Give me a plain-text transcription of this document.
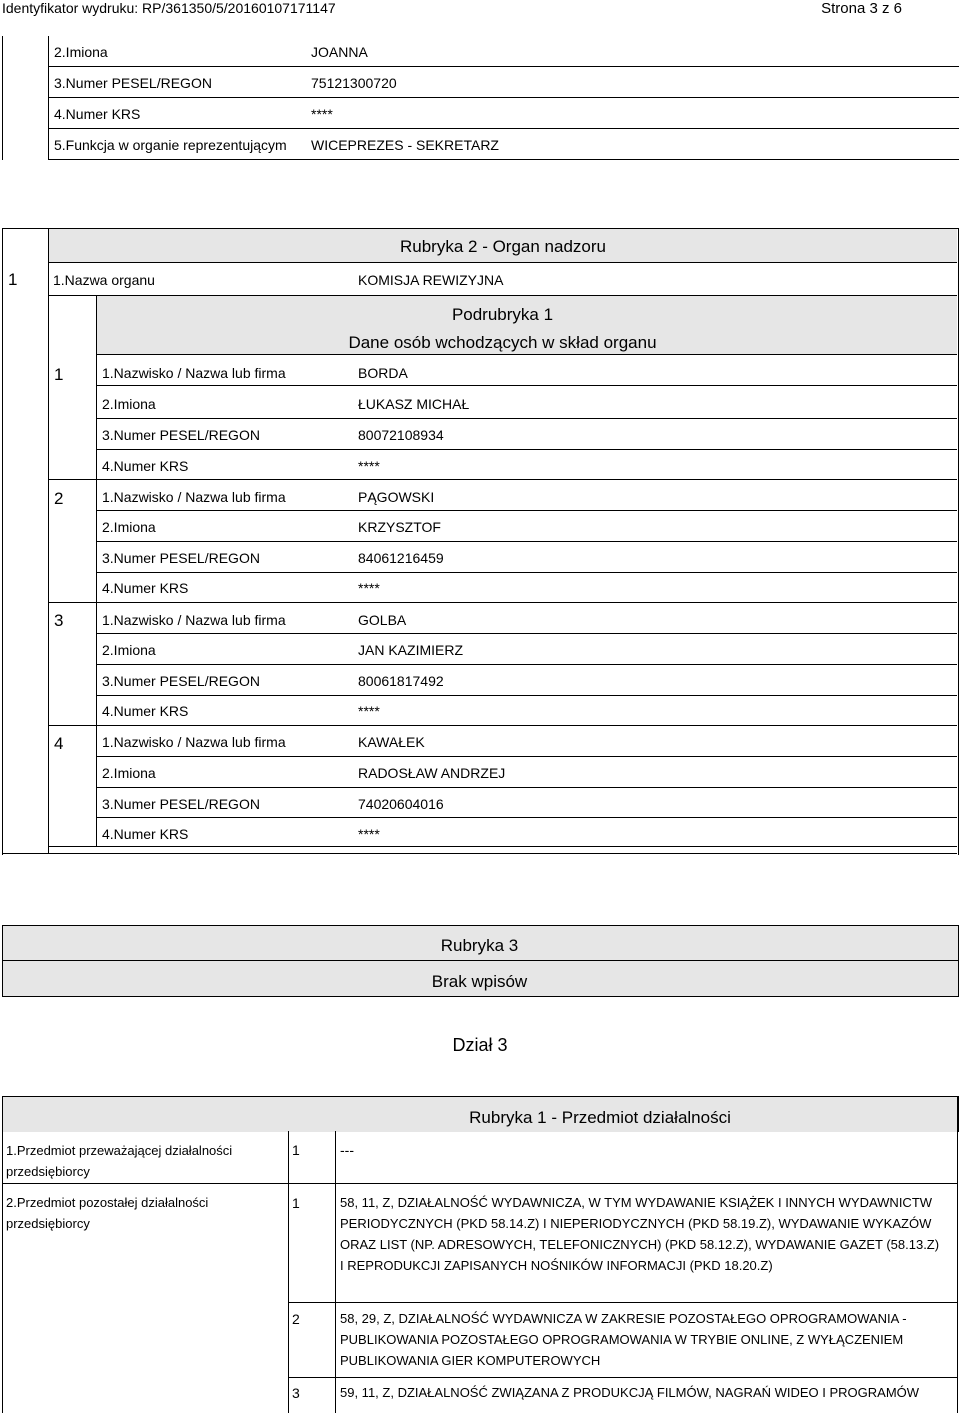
Identyfikator wydruku: RP/361350/5/20160107171147	Strona 3 z 6
2.Imiona	JOANNA
3.Numer PESEL/REGON	75121300720
4.Numer KRS	****
5.Funkcja w organie reprezentującym WICEPREZES - SEKRETARZ
Rubryka 2 - Organ nadzoru
1	1.Nazwa organu	KOMISJA REWIZYJNA
Podrubryka 1
Dane osób wchodzących w skład organu
1	1.Nazwisko / Nazwa lub firma	BORDA
2.Imiona	ŁUKASZ MICHAŁ
3.Numer PESEL/REGON	80072108934
4.Numer KRS	****
2	1.Nazwisko / Nazwa lub firma	PĄGOWSKI
2.Imiona	KRZYSZTOF
3.Numer PESEL/REGON	84061216459
4.Numer KRS	****
3	1.Nazwisko / Nazwa lub firma	GOLBA
2.Imiona	JAN KAZIMIERZ
3.Numer PESEL/REGON	80061817492
4.Numer KRS	****
4	1.Nazwisko / Nazwa lub firma	KAWAŁEK
2.Imiona	RADOSŁAW ANDRZEJ
3.Numer PESEL/REGON	74020604016
4.Numer KRS	****
Rubryka 3
Brak wpisów
Dział 3
Rubryka 1 - Przedmiot działalności
1.Przedmiot przeważającej działalności przedsiębiorcy
1	---
2.Przedmiot pozostałej działalności przedsiębiorcy
1	58, 11, Z, DZIAŁALNOŚĆ WYDAWNICZA, W TYM WYDAWANIE KSIĄŻEK I INNYCH WYDAWNICTW PERIODYCZNYCH (PKD 58.14.Z) I NIEPERIODYCZNYCH (PKD 58.19.Z), WYDAWANIE WYKAZÓW ORAZ LIST (NP. ADRESOWYCH, TELEFONICZNYCH) (PKD 58.12.Z), WYDAWANIE GAZET (58.13.Z) I REPRODUKCJI ZAPISANYCH NOŚNIKÓW INFORMACJI (PKD 18.20.Z)
2	58, 29, Z, DZIAŁALNOŚĆ WYDAWNICZA W ZAKRESIE POZOSTAŁEGO OPROGRAMOWANIA - PUBLIKOWANIA POZOSTAŁEGO OPROGRAMOWANIA W TRYBIE ONLINE, Z WYŁĄCZENIEM PUBLIKOWANIA GIER KOMPUTEROWYCH
3	59, 11, Z, DZIAŁALNOŚĆ ZWIĄZANA Z PRODUKCJĄ FILMÓW, NAGRAŃ WIDEO I PROGRAMÓW
